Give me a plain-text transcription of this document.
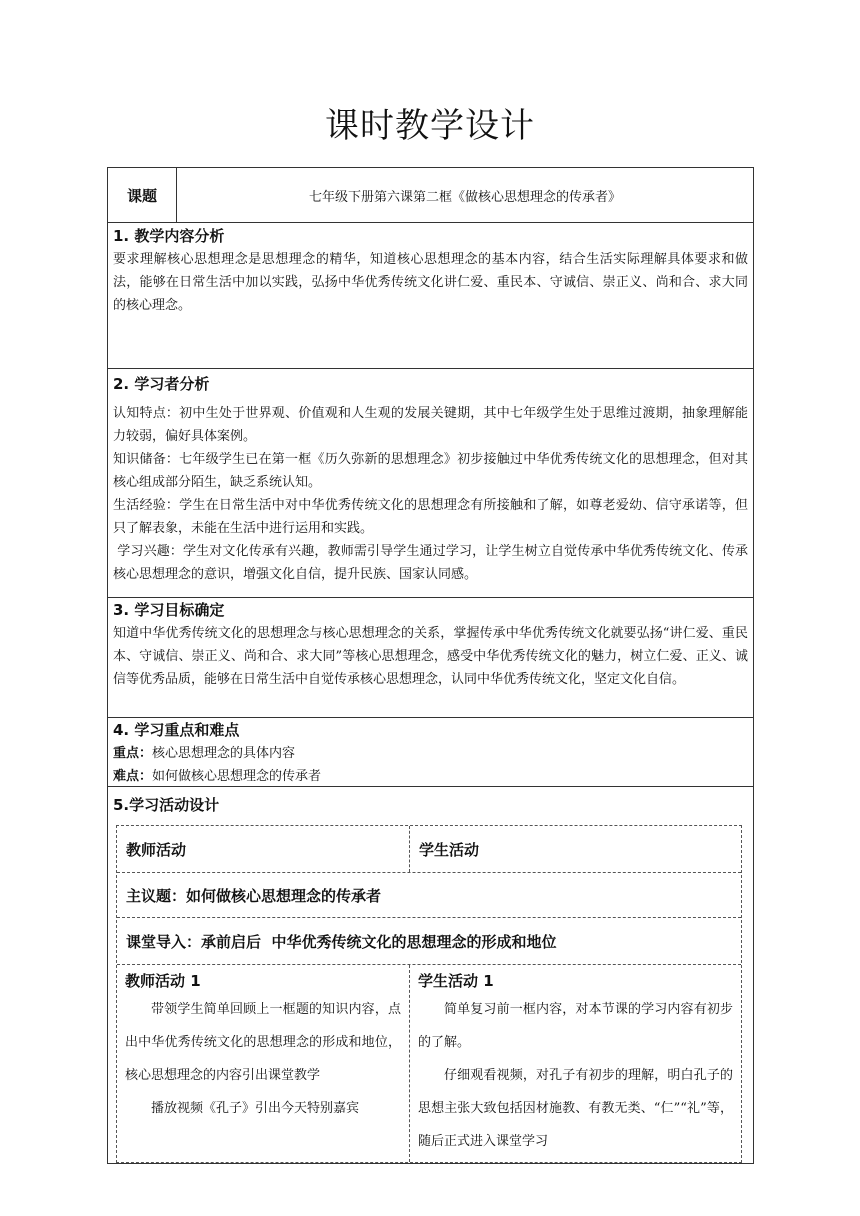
课时教学设计
课题	七年级下册第六课第二框《做核心思想理念的传承者》
1. 教学内容分析

要求理解核心思想理念是思想理念的精华，知道核心思想理念的基本内容，结合生活实际理解具体要求和做法，能够在日常生活中加以实践，弘扬中华优秀传统文化讲仁爱、重民本、守诚信、崇正义、尚和合、求大同的核心理念。

2. 学习者分析

认知特点：初中生处于世界观、价值观和人生观的发展关键期，其中七年级学生处于思维过渡期，抽象理解能力较弱，偏好具体案例。

知识储备：七年级学生已在第一框《历久弥新的思想理念》初步接触过中华优秀传统文化的思想理念，但对其核心组成部分陌生，缺乏系统认知。

生活经验：学生在日常生活中对中华优秀传统文化的思想理念有所接触和了解，如尊老爱幼、信守承诺等，但只了解表象，未能在生活中进行运用和实践。

学习兴趣：学生对文化传承有兴趣，教师需引导学生通过学习，让学生树立自觉传承中华优秀传统文化、传承核心思想理念的意识，增强文化自信，提升民族、国家认同感。

3. 学习目标确定

知道中华优秀传统文化的思想理念与核心思想理念的关系，掌握传承中华优秀传统文化就要弘扬“讲仁爱、重民本、守诚信、崇正义、尚和合、求大同”等核心思想理念，感受中华优秀传统文化的魅力，树立仁爱、正义、诚信等优秀品质，能够在日常生活中自觉传承核心思想理念，认同中华优秀传统文化，坚定文化自信。

4. 学习重点和难点

重点：核心思想理念的具体内容

难点：如何做核心思想理念的传承者

5.学习活动设计
教师活动	学生活动
主议题：如何做核心思想理念的传承者
课堂导入：承前启后  中华优秀传统文化的思想理念的形成和地位
教师活动 1

带领学生简单回顾上一框题的知识内容，点出中华优秀传统文化的思想理念的形成和地位，核心思想理念的内容引出课堂教学

播放视频《孔子》引出今天特别嘉宾

学生活动 1

简单复习前一框内容，对本节课的学习内容有初步的了解。

仔细观看视频，对孔子有初步的理解，明白孔子的思想主张大致包括因材施教、有教无类、“仁”“礼”等，随后正式进入课堂学习
